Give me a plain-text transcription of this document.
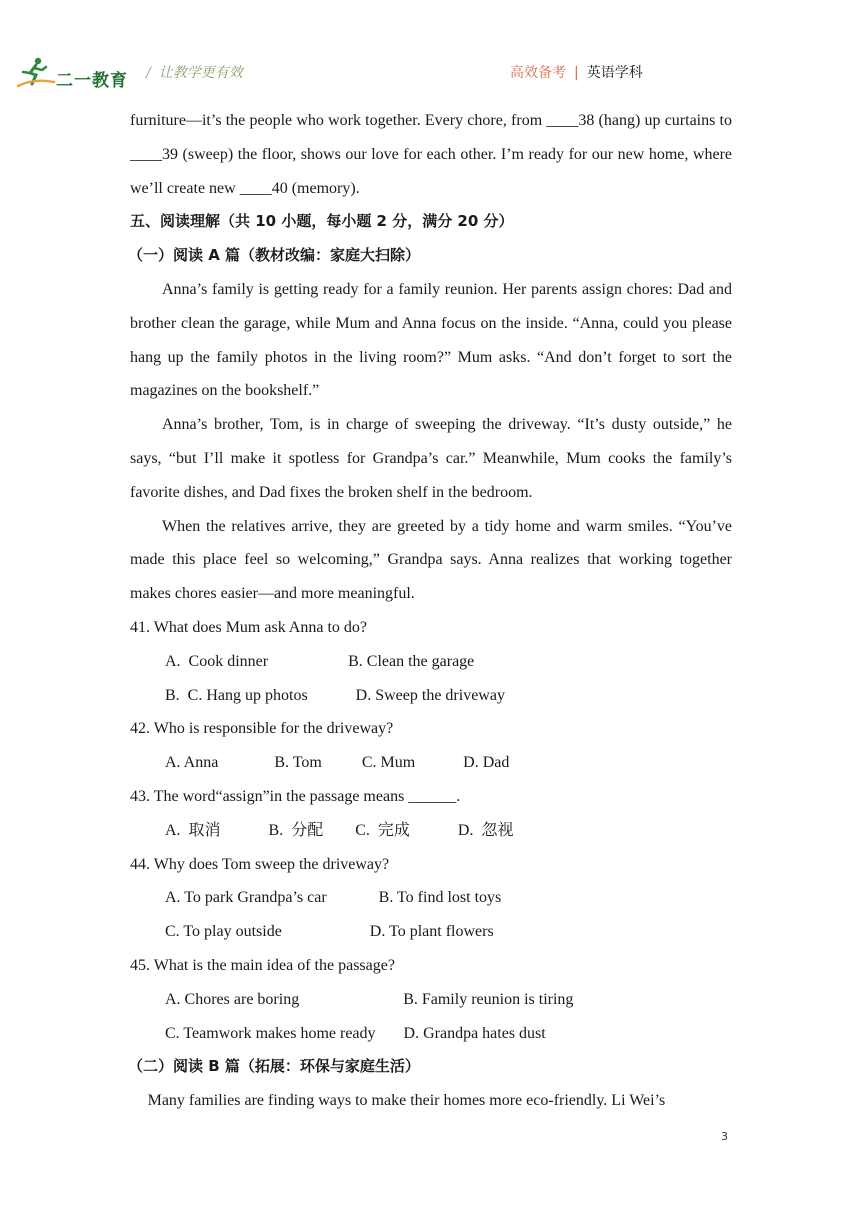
二一教育 / 让教学更有效	高效备考 | 英语学科

furniture—it’s the people who work together. Every chore, from ____38 (hang) up curtains to ____39 (sweep) the floor, shows our love for each other. I’m ready for our new home, where we’ll create new ____40 (memory).

五、阅读理解（共 10 小题，每小题 2 分，满分 20 分）

（一）阅读 A 篇（教材改编：家庭大扫除）

Anna’s family is getting ready for a family reunion. Her parents assign chores: Dad and brother clean the garage, while Mum and Anna focus on the inside. “Anna, could you please hang up the family photos in the living room?” Mum asks. “And don’t forget to sort the magazines on the bookshelf.”

Anna’s brother, Tom, is in charge of sweeping the driveway. “It’s dusty outside,” he says, “but I’ll make it spotless for Grandpa’s car.” Meanwhile, Mum cooks the family’s favorite dishes, and Dad fixes the broken shelf in the bedroom.

When the relatives arrive, they are greeted by a tidy home and warm smiles. “You’ve made this place feel so welcoming,” Grandpa says. Anna realizes that working together makes chores easier—and more meaningful.

41. What does Mum ask Anna to do?

A.  Cook dinner                    B. Clean the garage

B.  C. Hang up photos            D. Sweep the driveway

42. Who is responsible for the driveway?

A. Anna              B. Tom          C. Mum            D. Dad

43. The word“assign”in the passage means ______.

A.  取消            B.  分配        C.  完成            D.  忽视

44. Why does Tom sweep the driveway?

A. To park Grandpa’s car             B. To find lost toys

C. To play outside                      D. To plant flowers

45. What is the main idea of the passage?

A. Chores are boring                          B. Family reunion is tiring

C. Teamwork makes home ready       D. Grandpa hates dust

（二）阅读 B 篇（拓展：环保与家庭生活）

Many families are finding ways to make their homes more eco-friendly. Li Wei’s

3
